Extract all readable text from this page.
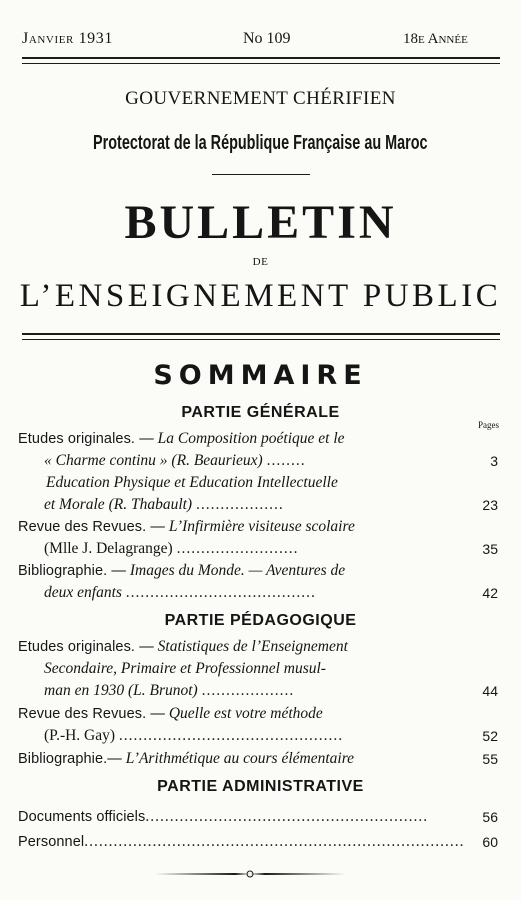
Janvier 1931	No 109	18e Année
GOUVERNEMENT CHÉRIFIEN
Protectorat de la République Française au Maroc
BULLETIN
DE
L’ENSEIGNEMENT PUBLIC
SOMMAIRE
PARTIE GÉNÉRALE
Pages
Etudes originales. — La Composition poétique et le
« Charme continu » (R. Beaurieux) ........	3
Education Physique et Education Intellectuelle
et Morale (R. Thabault) ..................	23
Revue des Revues. — L’Infirmière visiteuse scolaire
(Mlle J. Delagrange) .........................	35
Bibliographie. — Images du Monde. — Aventures de
deux enfants .......................................	42
PARTIE PÉDAGOGIQUE
Etudes originales. — Statistiques de l’Enseignement
Secondaire, Primaire et Professionnel musul-
man en 1930 (L. Brunot) ...................	44
Revue des Revues. — Quelle est votre méthode
(P.-H. Gay) ..............................................	52
Bibliographie.— L’Arithmétique au cours élémentaire	55
PARTIE ADMINISTRATIVE
Documents officiels..........................................................	56
Personnel.............................................................................. 60
